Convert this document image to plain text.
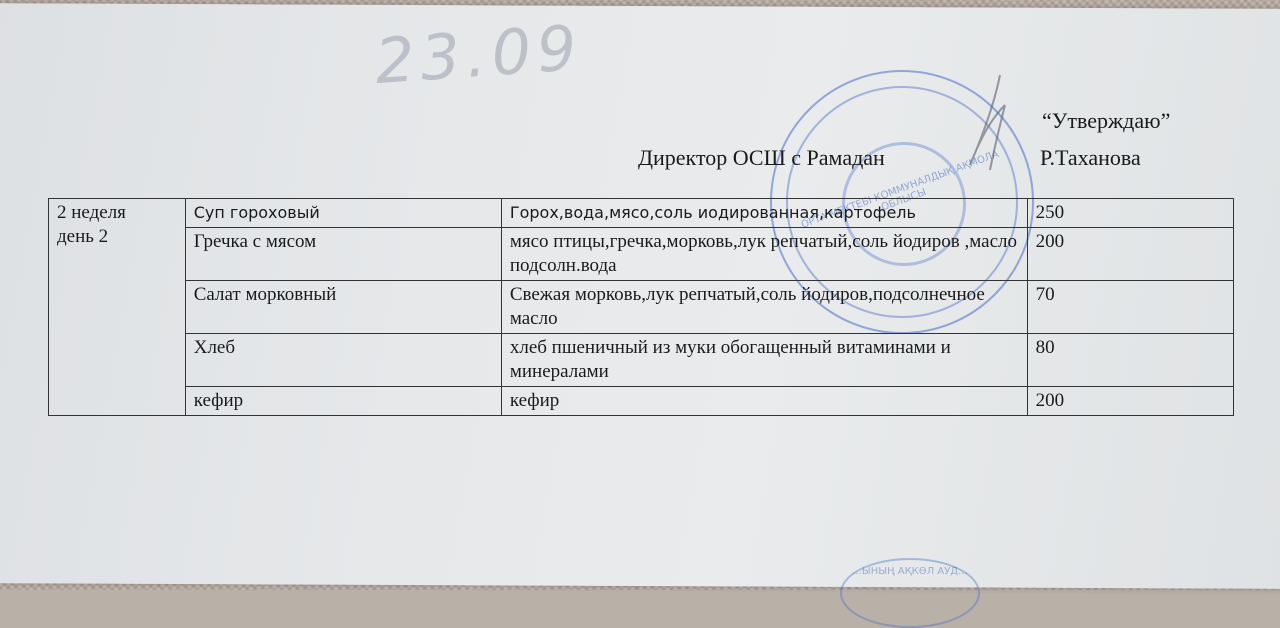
23.09
ОРТА МЕКТЕБІ КОММУНАЛДЫҚ АҚМОЛА ОБЛЫСЫ
“Утверждаю”
Директор ОСШ с Рамадан	Р.Таханова
2 неделя
день 2	Суп гороховый	Горох,вода,мясо,соль иодированная,картофель	250
	Гречка с мясом	мясо птицы,гречка,морковь,лук репчатый,соль йодиров ,масло подсолн.вода	200
	Салат морковный	Свежая морковь,лук репчатый,соль йодиров,подсолнечное масло	70
	Хлеб	хлеб пшеничный из муки обогащенный витаминами и минералами	80
	кефир	кефир	200
...ЫНЫҢ АҚКӨЛ АУД...
